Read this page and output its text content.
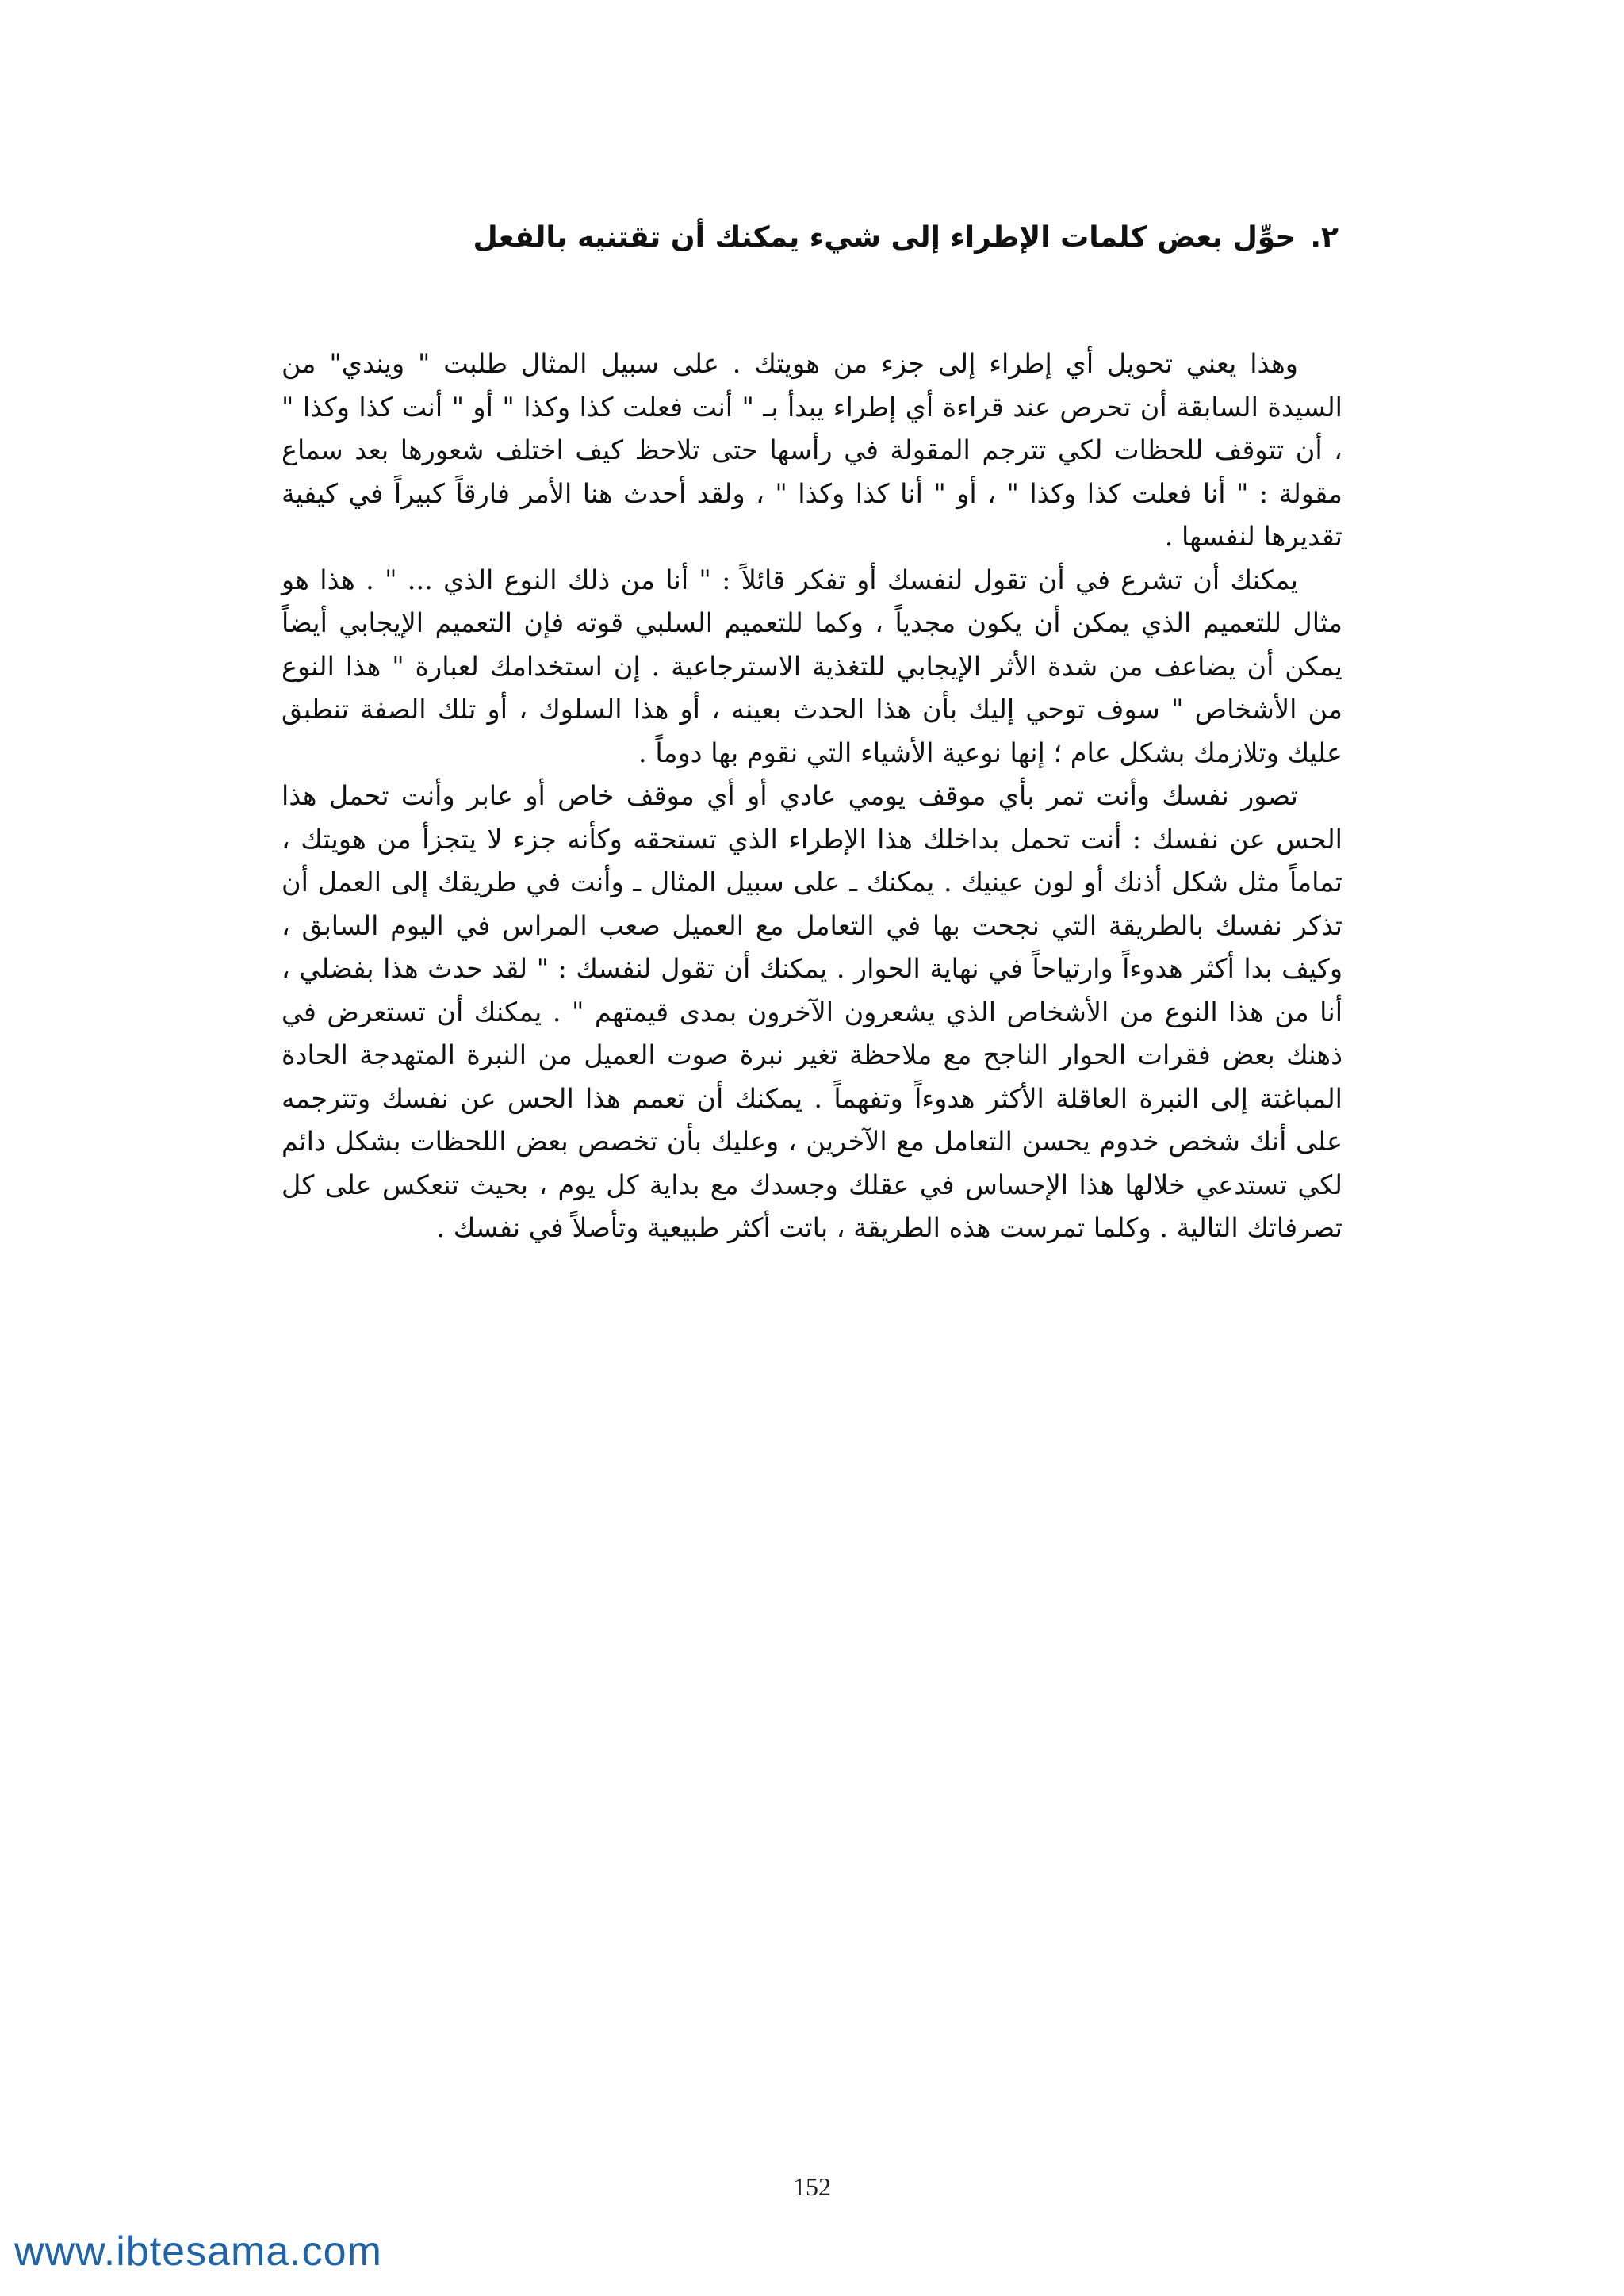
٢.حوِّل بعض كلمات الإطراء إلى شيء يمكنك أن تقتنيه بالفعل

وهذا يعني تحويل أي إطراء إلى جزء من هويتك . على سبيل المثال طلبت " ويندي" من السيدة السابقة أن تحرص عند قراءة أي إطراء يبدأ بـ " أنت فعلت كذا وكذا " أو " أنت كذا وكذا " ، أن تتوقف للحظات لكي تترجم المقولة في رأسها حتى تلاحظ كيف اختلف شعورها بعد سماع مقولة : " أنا فعلت كذا وكذا " ، أو " أنا كذا وكذا " ، ولقد أحدث هنا الأمر فارقاً كبيراً في كيفية تقديرها لنفسها .

يمكنك أن تشرع في أن تقول لنفسك أو تفكر قائلاً : " أنا من ذلك النوع الذي ... " . هذا هو مثال للتعميم الذي يمكن أن يكون مجدياً ، وكما للتعميم السلبي قوته فإن التعميم الإيجابي أيضاً يمكن أن يضاعف من شدة الأثر الإيجابي للتغذية الاسترجاعية . إن استخدامك لعبارة " هذا النوع من الأشخاص " سوف توحي إليك بأن هذا الحدث بعينه ، أو هذا السلوك ، أو تلك الصفة تنطبق عليك وتلازمك بشكل عام ؛ إنها نوعية الأشياء التي نقوم بها دوماً .

تصور نفسك وأنت تمر بأي موقف يومي عادي أو أي موقف خاص أو عابر وأنت تحمل هذا الحس عن نفسك : أنت تحمل بداخلك هذا الإطراء الذي تستحقه وكأنه جزء لا يتجزأ من هويتك ، تماماً مثل شكل أذنك أو لون عينيك . يمكنك ـ على سبيل المثال ـ وأنت في طريقك إلى العمل أن تذكر نفسك بالطريقة التي نجحت بها في التعامل مع العميل صعب المراس في اليوم السابق ، وكيف بدا أكثر هدوءاً وارتياحاً في نهاية الحوار . يمكنك أن تقول لنفسك : " لقد حدث هذا بفضلي ، أنا من هذا النوع من الأشخاص الذي يشعرون الآخرون بمدى قيمتهم " . يمكنك أن تستعرض في ذهنك بعض فقرات الحوار الناجح مع ملاحظة تغير نبرة صوت العميل من النبرة المتهدجة الحادة المباغتة إلى النبرة العاقلة الأكثر هدوءاً وتفهماً . يمكنك أن تعمم هذا الحس عن نفسك وتترجمه على أنك شخص خدوم يحسن التعامل مع الآخرين ، وعليك بأن تخصص بعض اللحظات بشكل دائم لكي تستدعي خلالها هذا الإحساس في عقلك وجسدك مع بداية كل يوم ، بحيث تنعكس على كل تصرفاتك التالية . وكلما تمرست هذه الطريقة ، باتت أكثر طبيعية وتأصلاً في نفسك .

152
www.ibtesama.com
